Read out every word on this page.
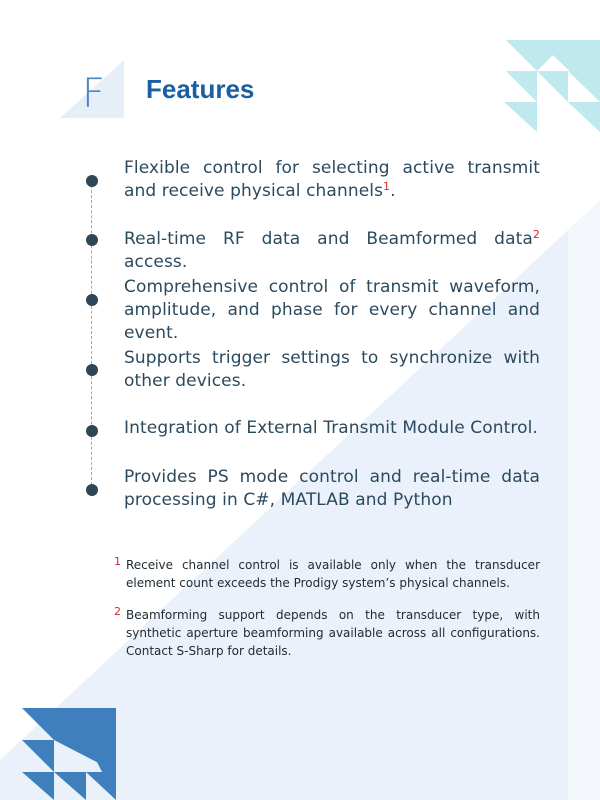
F Features
Flexible control for selecting active transmit and receive physical channels$^1$.
Real-time RF data and Beamformed data$^2$ access.
Comprehensive control of transmit waveform, amplitude, and phase for every channel and event.
Supports trigger settings to synchronize with other devices.
Integration of External Transmit Module Control.
Provides PS mode control and real-time data processing in C#, MATLAB and Python
1 Receive channel control is available only when the transducer element count exceeds the Prodigy system’s physical channels.
2 Beamforming support depends on the transducer type, with synthetic aperture beamforming available across all configurations. Contact S-Sharp for details.
